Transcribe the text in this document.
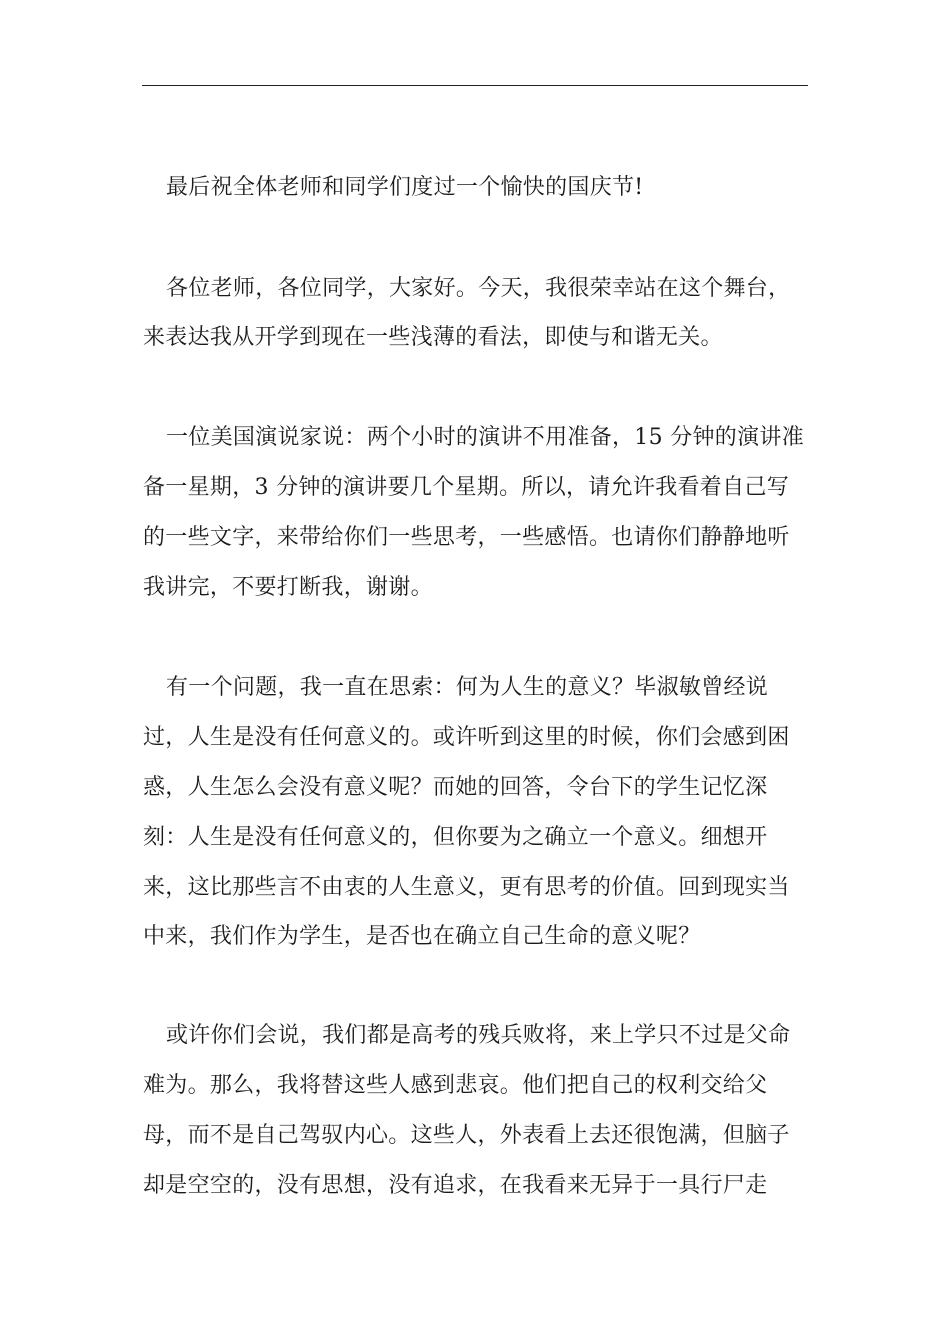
最后祝全体老师和同学们度过一个愉快的国庆节!
各位老师，各位同学，大家好。今天，我很荣幸站在这个舞台，
来表达我从开学到现在一些浅薄的看法，即使与和谐无关。
一位美国演说家说：两个小时的演讲不用准备，15 分钟的演讲准
备一星期，3 分钟的演讲要几个星期。所以，请允许我看着自己写
的一些文字，来带给你们一些思考，一些感悟。也请你们静静地听
我讲完，不要打断我，谢谢。
有一个问题，我一直在思索：何为人生的意义？毕淑敏曾经说
过，人生是没有任何意义的。或许听到这里的时候，你们会感到困
惑，人生怎么会没有意义呢？而她的回答，令台下的学生记忆深
刻：人生是没有任何意义的，但你要为之确立一个意义。细想开
来，这比那些言不由衷的人生意义，更有思考的价值。回到现实当
中来，我们作为学生，是否也在确立自己生命的意义呢？
或许你们会说，我们都是高考的残兵败将，来上学只不过是父命
难为。那么，我将替这些人感到悲哀。他们把自己的权利交给父
母，而不是自己驾驭内心。这些人，外表看上去还很饱满，但脑子
却是空空的，没有思想，没有追求，在我看来无异于一具行尸走
